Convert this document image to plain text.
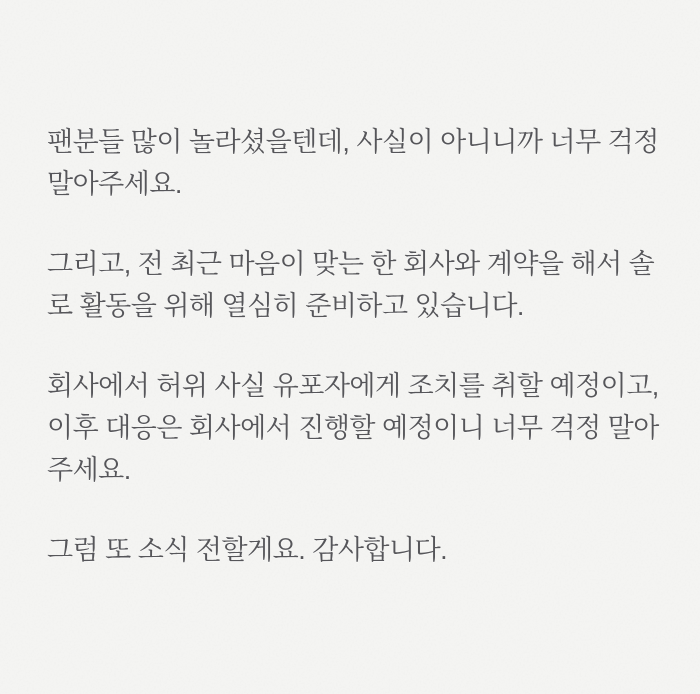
팬분들 많이 놀라셨을텐데, 사실이 아니니까 너무 걱정
말아주세요.

그리고, 전 최근 마음이 맞는 한 회사와 계약을 해서 솔
로 활동을 위해 열심히 준비하고 있습니다.

회사에서 허위 사실 유포자에게 조치를 취할 예정이고,
이후 대응은 회사에서 진행할 예정이니 너무 걱정 말아
주세요.

그럼 또 소식 전할게요. 감사합니다.
